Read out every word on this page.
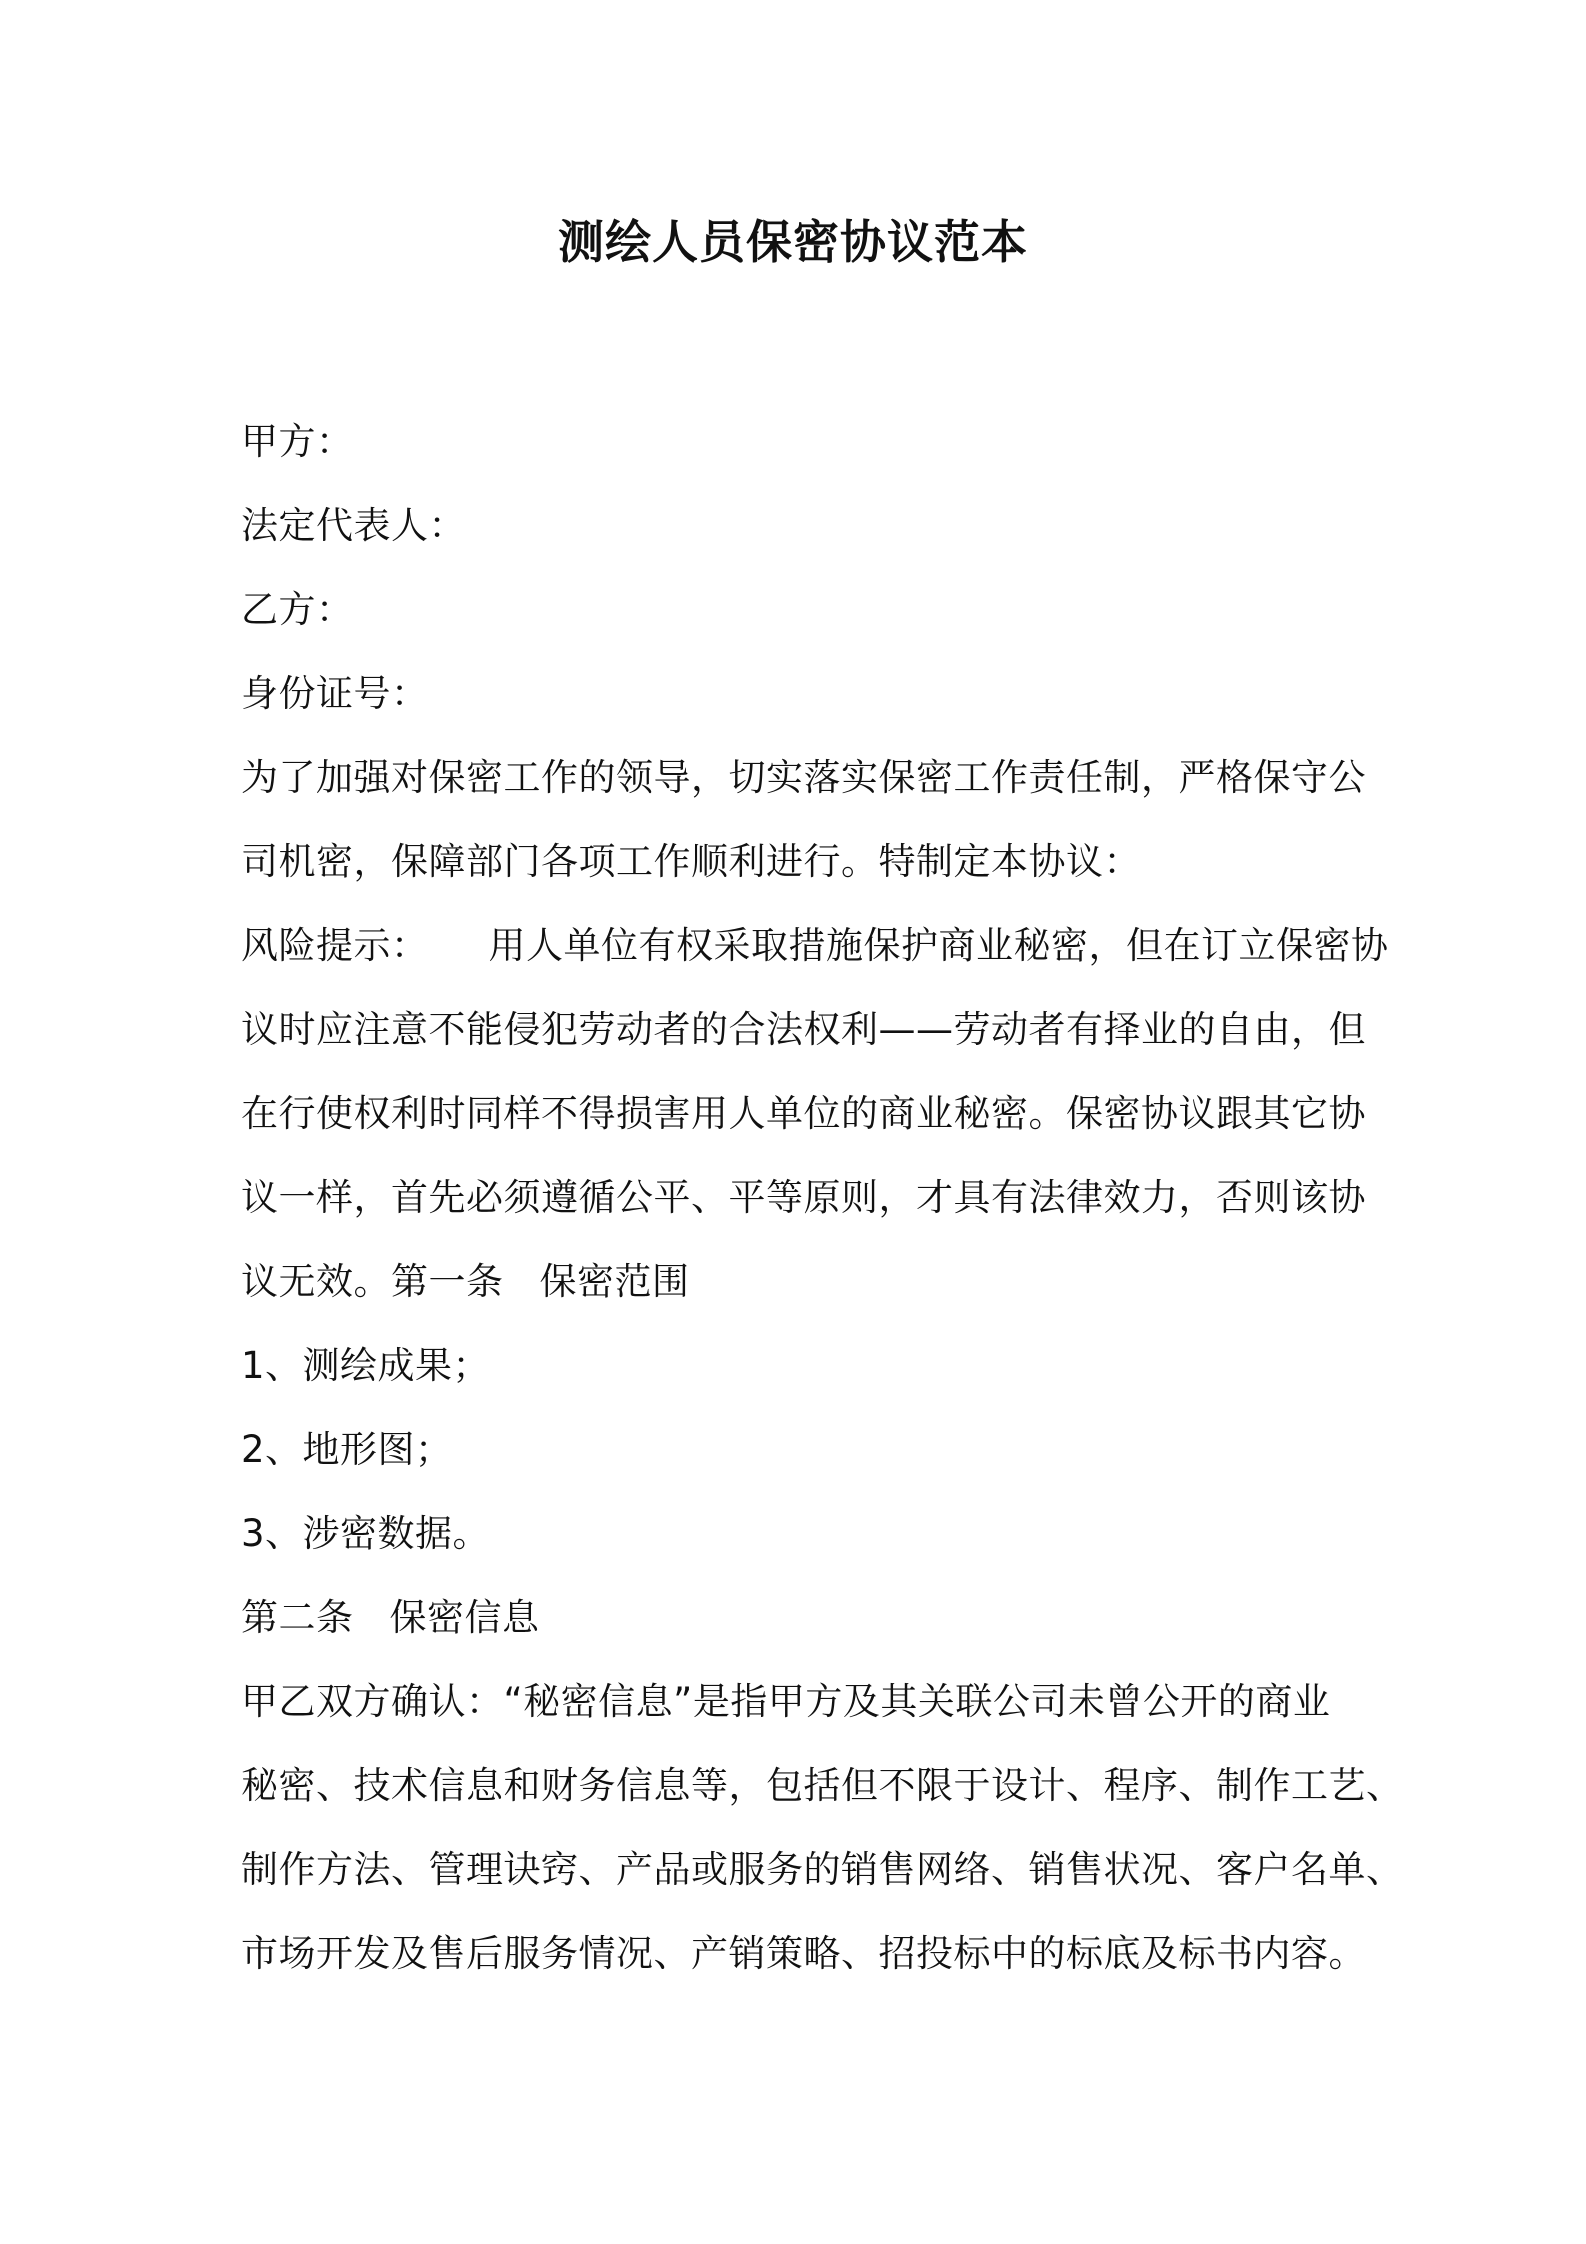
测绘人员保密协议范本
甲方：
法定代表人：
乙方：
身份证号：
为了加强对保密工作的领导，切实落实保密工作责任制，严格保守公
司机密，保障部门各项工作顺利进行。特制定本协议：
风险提示： 用人单位有权采取措施保护商业秘密，但在订立保密协
议时应注意不能侵犯劳动者的合法权利——劳动者有择业的自由，但
在行使权利时同样不得损害用人单位的商业秘密。保密协议跟其它协
议一样，首先必须遵循公平、平等原则，才具有法律效力，否则该协
议无效。第一条 保密范围
1、测绘成果；
2、地形图；
3、涉密数据。
第二条 保密信息
甲乙双方确认：“秘密信息”是指甲方及其关联公司未曾公开的商业
秘密、技术信息和财务信息等，包括但不限于设计、程序、制作工艺、
制作方法、管理诀窍、产品或服务的销售网络、销售状况、客户名单、
市场开发及售后服务情况、产销策略、招投标中的标底及标书内容。
